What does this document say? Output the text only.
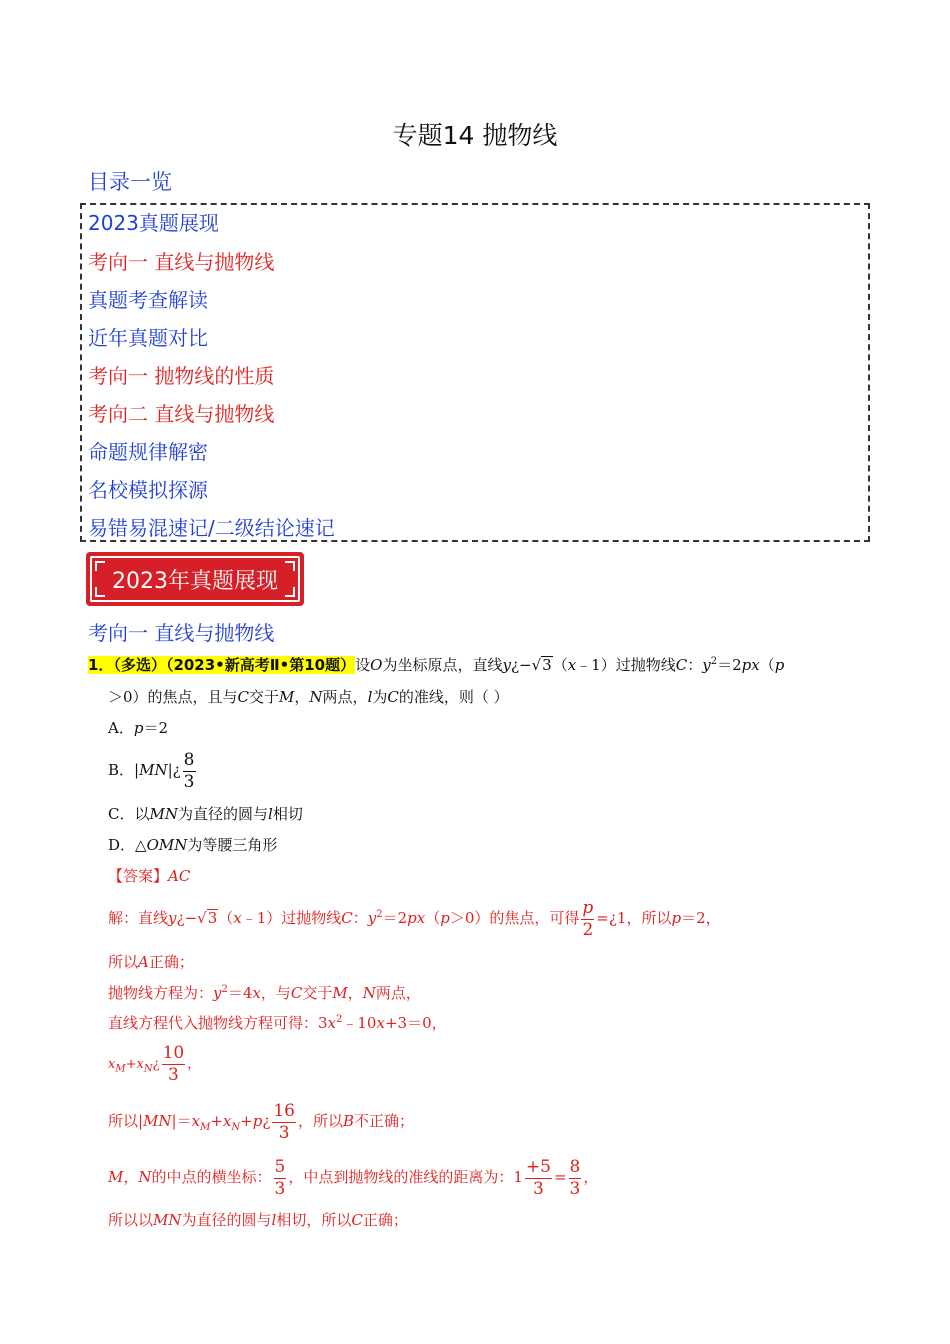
专题14 抛物线
目录一览
2023真题展现
考向一 直线与抛物线
真题考查解读
近年真题对比
考向一 抛物线的性质
考向二 直线与抛物线
命题规律解密
名校模拟探源
易错易混速记/二级结论速记
2023年真题展现
考向一 直线与抛物线
1．（多选）（2023•新高考Ⅱ•第10题）设O为坐标原点，直线y¿−√3（x﹣1）过抛物线C：$y^2=2px(p$
＞0）的焦点，且与C交于M，N两点，l为C的准线，则（ ）
A．p＝2
B．|MN|¿ $\frac{8}{3}$
C．以MN为直径的圆与l相切
D．△OMN为等腰三角形
【答案】AC
解：直线y¿−√3（x﹣1）过抛物线C：$y^2=2px(p>0)$的焦点，可得 $\frac{p}{2}$ =¿1，所以p＝2，
所以A正确；
抛物线方程为：$y^2=4x$，与C交于M，N两点，
直线方程代入抛物线方程可得：$3x^2﹣10x+3=0$，
$x_M+x_N¿ \frac{10}{3}$ ，
所以$|MN|=x_M+x_N+p¿ \frac{16}{3}$ ，所以B不正确；
M，N的中点的横坐标： $\frac{5}{3}$ ，中点到抛物线的准线的距离为：$1 \frac{+5}{3} = \frac{8}{3}$ ，
所以以MN为直径的圆与l相切，所以C正确；
